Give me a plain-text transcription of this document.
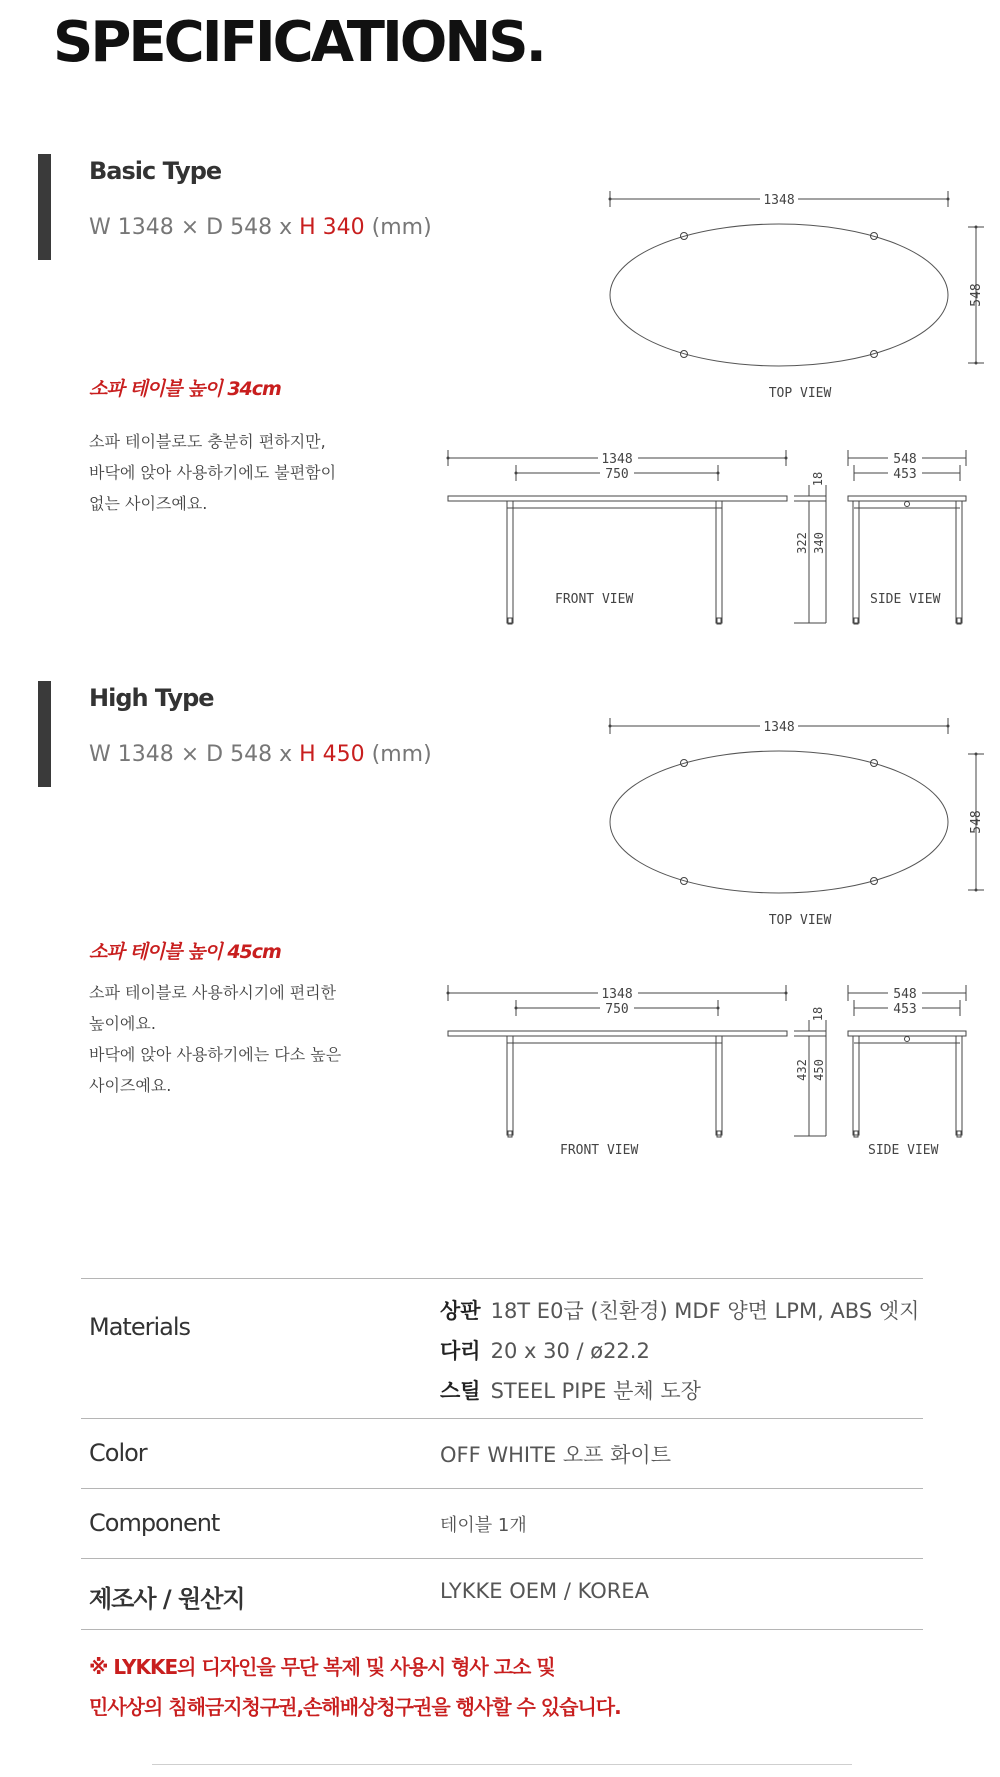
SPECIFICATIONS.
Basic Type
W 1348 × D 548 x H 340 (mm)
소파 테이블 높이 34cm
소파 테이블로도 충분히 편하지만,
바닥에 앉아 사용하기에도 불편함이
없는 사이즈예요.
1348
548
TOP VIEW
1348
750	18
322 340
FRONT VIEW
548
453
SIDE VIEW
High Type
W 1348 × D 548 x H 450 (mm)
소파 테이블 높이 45cm
소파 테이블로 사용하시기에 편리한
높이에요.
바닥에 앉아 사용하기에는 다소 높은
사이즈예요.
1348
548
TOP VIEW
1348
750	18
432 450
FRONT VIEW
548
453
SIDE VIEW
Materials
상판 18T E0급 (친환경) MDF 양면 LPM, ABS 엣지
다리 20 x 30 / ø22.2
스틸 STEEL PIPE 분체 도장
Color	OFF WHITE 오프 화이트
Component	테이블 1개
제조사 / 원산지	LYKKE OEM / KOREA
※ LYKKE의 디자인을 무단 복제 및 사용시 형사 고소 및
민사상의 침해금지청구권,손해배상청구권을 행사할 수 있습니다.
